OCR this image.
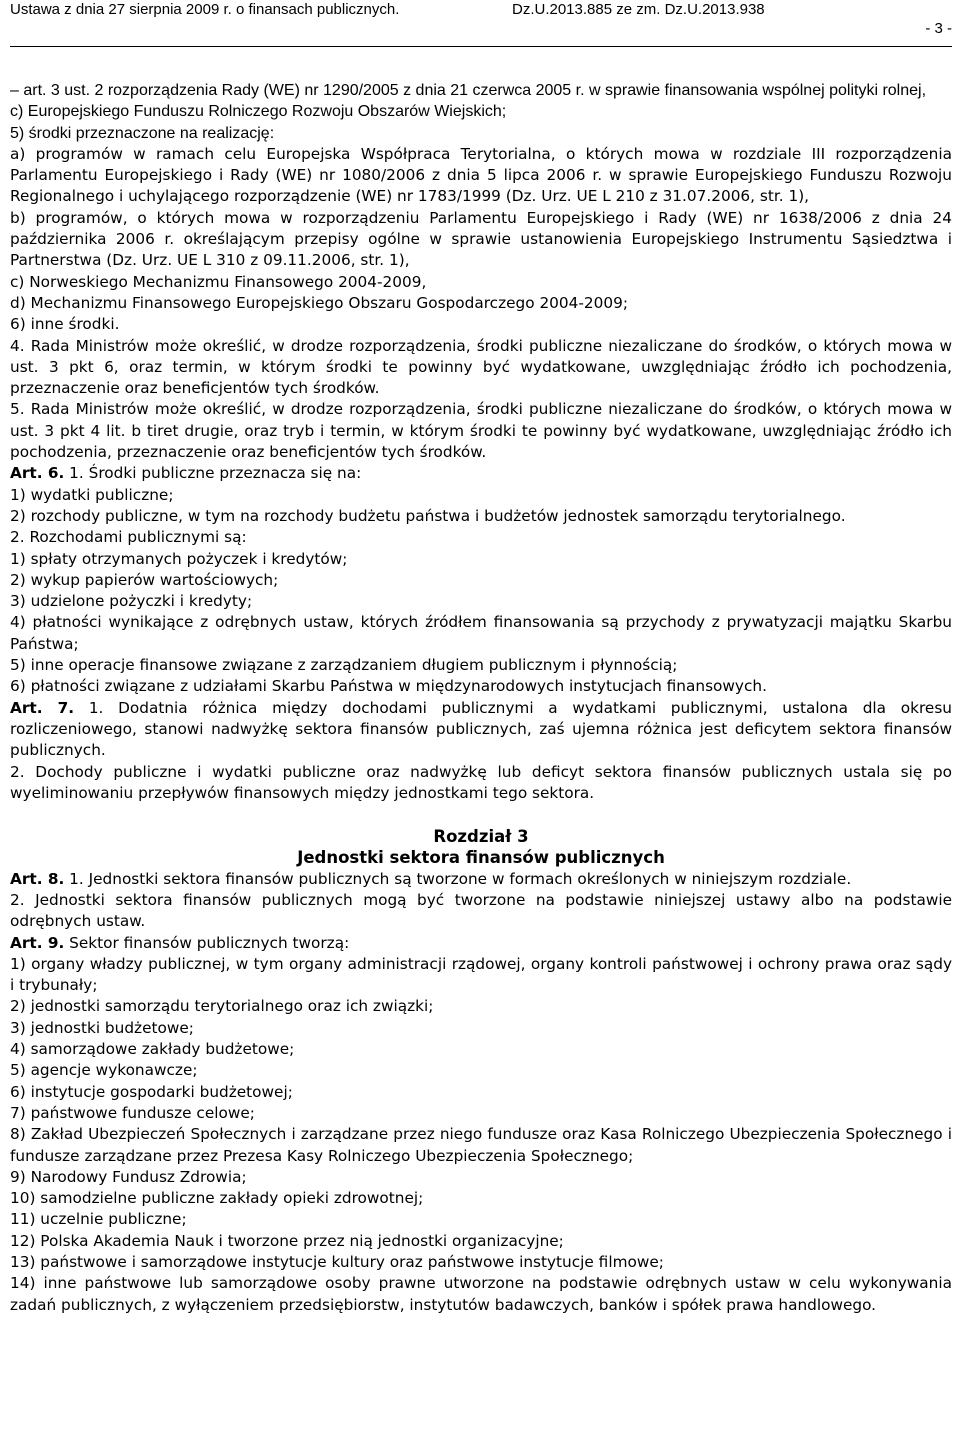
Ustawa z dnia 27 sierpnia 2009 r. o finansach publicznych.	Dz.U.2013.885 ze zm. Dz.U.2013.938
- 3 -

– art. 3 ust. 2 rozporządzenia Rady (WE) nr 1290/2005 z dnia 21 czerwca 2005 r. w sprawie finansowania wspólnej polityki rolnej,

c) Europejskiego Funduszu Rolniczego Rozwoju Obszarów Wiejskich;

5) środki przeznaczone na realizację:

a) programów w ramach celu Europejska Współpraca Terytorialna, o których mowa w rozdziale III rozporządzenia Parlamentu Europejskiego i Rady (WE) nr 1080/2006 z dnia 5 lipca 2006 r. w sprawie Europejskiego Funduszu Rozwoju Regionalnego i uchylającego rozporządzenie (WE) nr 1783/1999 (Dz. Urz. UE L 210 z 31.07.2006, str. 1),

b) programów, o których mowa w rozporządzeniu Parlamentu Europejskiego i Rady (WE) nr 1638/2006 z dnia 24 października 2006 r. określającym przepisy ogólne w sprawie ustanowienia Europejskiego Instrumentu Sąsiedztwa i Partnerstwa (Dz. Urz. UE L 310 z 09.11.2006, str. 1),

c) Norweskiego Mechanizmu Finansowego 2004-2009,

d) Mechanizmu Finansowego Europejskiego Obszaru Gospodarczego 2004-2009;

6) inne środki.

4. Rada Ministrów może określić, w drodze rozporządzenia, środki publiczne niezaliczane do środków, o których mowa w ust. 3 pkt 6, oraz termin, w którym środki te powinny być wydatkowane, uwzględniając źródło ich pochodzenia, przeznaczenie oraz beneficjentów tych środków.

5. Rada Ministrów może określić, w drodze rozporządzenia, środki publiczne niezaliczane do środków, o których mowa w ust. 3 pkt 4 lit. b tiret drugie, oraz tryb i termin, w którym środki te powinny być wydatkowane, uwzględniając źródło ich pochodzenia, przeznaczenie oraz beneficjentów tych środków.

Art. 6. 1. Środki publiczne przeznacza się na:

1) wydatki publiczne;

2) rozchody publiczne, w tym na rozchody budżetu państwa i budżetów jednostek samorządu terytorialnego.

2. Rozchodami publicznymi są:

1) spłaty otrzymanych pożyczek i kredytów;

2) wykup papierów wartościowych;

3) udzielone pożyczki i kredyty;

4) płatności wynikające z odrębnych ustaw, których źródłem finansowania są przychody z prywatyzacji majątku Skarbu Państwa;

5) inne operacje finansowe związane z zarządzaniem długiem publicznym i płynnością;

6) płatności związane z udziałami Skarbu Państwa w międzynarodowych instytucjach finansowych.

Art. 7. 1. Dodatnia różnica między dochodami publicznymi a wydatkami publicznymi, ustalona dla okresu rozliczeniowego, stanowi nadwyżkę sektora finansów publicznych, zaś ujemna różnica jest deficytem sektora finansów publicznych.

2. Dochody publiczne i wydatki publiczne oraz nadwyżkę lub deficyt sektora finansów publicznych ustala się po wyeliminowaniu przepływów finansowych między jednostkami tego sektora.

Rozdział 3

Jednostki sektora finansów publicznych

Art. 8. 1. Jednostki sektora finansów publicznych są tworzone w formach określonych w niniejszym rozdziale.

2. Jednostki sektora finansów publicznych mogą być tworzone na podstawie niniejszej ustawy albo na podstawie odrębnych ustaw.

Art. 9. Sektor finansów publicznych tworzą:

1) organy władzy publicznej, w tym organy administracji rządowej, organy kontroli państwowej i ochrony prawa oraz sądy i trybunały;

2) jednostki samorządu terytorialnego oraz ich związki;

3) jednostki budżetowe;

4) samorządowe zakłady budżetowe;

5) agencje wykonawcze;

6) instytucje gospodarki budżetowej;

7) państwowe fundusze celowe;

8) Zakład Ubezpieczeń Społecznych i zarządzane przez niego fundusze oraz Kasa Rolniczego Ubezpieczenia Społecznego i fundusze zarządzane przez Prezesa Kasy Rolniczego Ubezpieczenia Społecznego;

9) Narodowy Fundusz Zdrowia;

10) samodzielne publiczne zakłady opieki zdrowotnej;

11) uczelnie publiczne;

12) Polska Akademia Nauk i tworzone przez nią jednostki organizacyjne;

13) państwowe i samorządowe instytucje kultury oraz państwowe instytucje filmowe;

14) inne państwowe lub samorządowe osoby prawne utworzone na podstawie odrębnych ustaw w celu wykonywania zadań publicznych, z wyłączeniem przedsiębiorstw, instytutów badawczych, banków i spółek prawa handlowego.
